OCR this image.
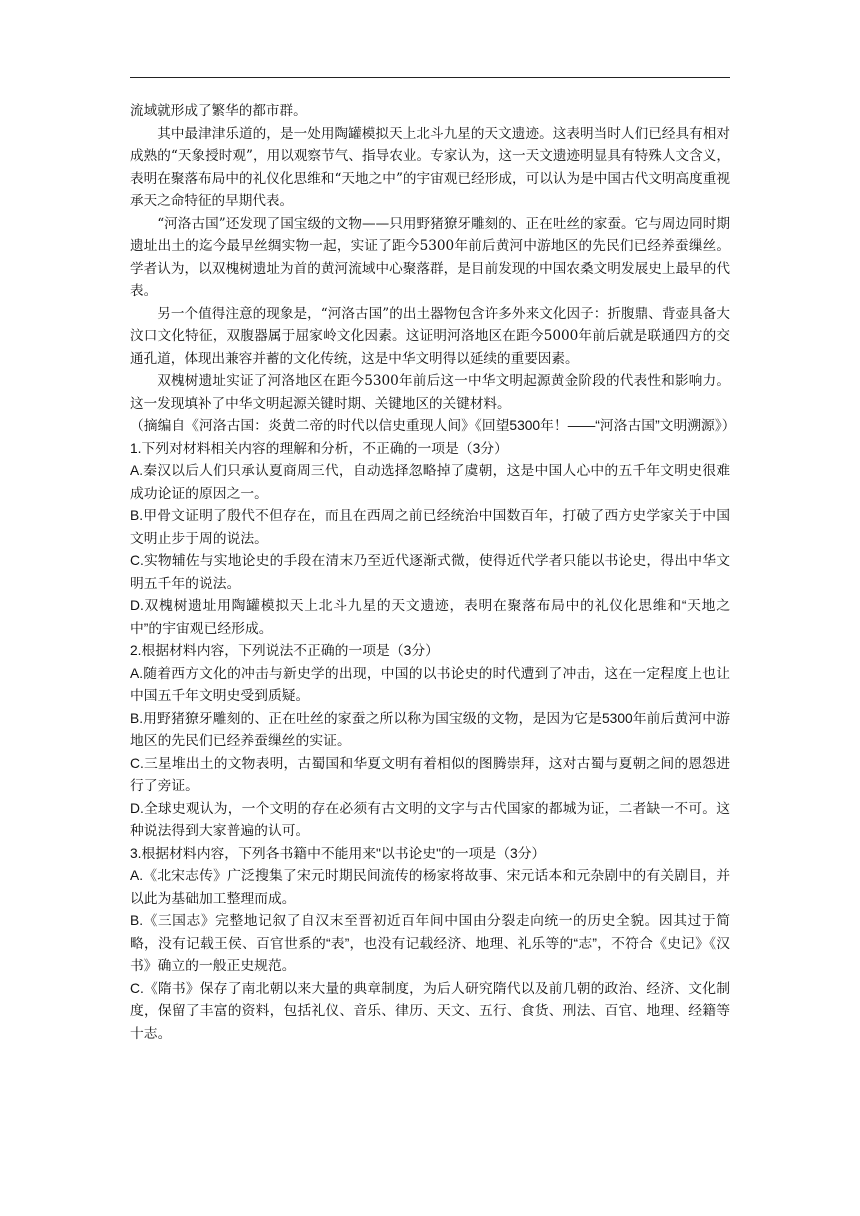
流域就形成了繁华的都市群。

其中最津津乐道的，是一处用陶罐模拟天上北斗九星的天文遗迹。这表明当时人们已经具有相对成熟的“天象授时观”，用以观察节气、指导农业。专家认为，这一天文遗迹明显具有特殊人文含义，表明在聚落布局中的礼仪化思维和“天地之中”的宇宙观已经形成，可以认为是中国古代文明高度重视承天之命特征的早期代表。

“河洛古国”还发现了国宝级的文物——只用野猪獠牙雕刻的、正在吐丝的家蚕。它与周边同时期遗址出土的迄今最早丝绸实物一起，实证了距今5300年前后黄河中游地区的先民们已经养蚕缫丝。学者认为，以双槐树遗址为首的黄河流域中心聚落群，是目前发现的中国农桑文明发展史上最早的代表。

另一个值得注意的现象是，“河洛古国”的出土器物包含许多外来文化因子：折腹鼎、背壶具备大汶口文化特征，双腹器属于屈家岭文化因素。这证明河洛地区在距今5000年前后就是联通四方的交通孔道，体现出兼容并蓄的文化传统，这是中华文明得以延续的重要因素。

双槐树遗址实证了河洛地区在距今5300年前后这一中华文明起源黄金阶段的代表性和影响力。这一发现填补了中华文明起源关键时期、关键地区的关键材料。

（摘编自《河洛古国：炎黄二帝的时代以信史重现人间》《回望5300年！——“河洛古国”文明溯源》）

1.下列对材料相关内容的理解和分析，不正确的一项是（3分）

A.秦汉以后人们只承认夏商周三代，自动选择忽略掉了虞朝，这是中国人心中的五千年文明史很难成功论证的原因之一。

B.甲骨文证明了殷代不但存在，而且在西周之前已经统治中国数百年，打破了西方史学家关于中国文明止步于周的说法。

C.实物辅佐与实地论史的手段在清末乃至近代逐渐式微，使得近代学者只能以书论史，得出中华文明五千年的说法。

D.双槐树遗址用陶罐模拟天上北斗九星的天文遗迹，表明在聚落布局中的礼仪化思维和“天地之中”的宇宙观已经形成。

2.根据材料内容，下列说法不正确的一项是（3分）

A.随着西方文化的冲击与新史学的出现，中国的以书论史的时代遭到了冲击，这在一定程度上也让中国五千年文明史受到质疑。

B.用野猪獠牙雕刻的、正在吐丝的家蚕之所以称为国宝级的文物，是因为它是5300年前后黄河中游地区的先民们已经养蚕缫丝的实证。

C.三星堆出土的文物表明，古蜀国和华夏文明有着相似的图腾崇拜，这对古蜀与夏朝之间的恩怨进行了旁证。

D.全球史观认为，一个文明的存在必须有古文明的文字与古代国家的都城为证，二者缺一不可。这种说法得到大家普遍的认可。

3.根据材料内容，下列各书籍中不能用来"以书论史"的一项是（3分）

A.《北宋志传》广泛搜集了宋元时期民间流传的杨家将故事、宋元话本和元杂剧中的有关剧目，并以此为基础加工整理而成。

B.《三国志》完整地记叙了自汉末至晋初近百年间中国由分裂走向统一的历史全貌。因其过于简略，没有记载王侯、百官世系的“表”，也没有记载经济、地理、礼乐等的“志”，不符合《史记》《汉书》确立的一般正史规范。

C.《隋书》保存了南北朝以来大量的典章制度，为后人研究隋代以及前几朝的政治、经济、文化制度，保留了丰富的资料，包括礼仪、音乐、律历、天文、五行、食货、刑法、百官、地理、经籍等十志。
